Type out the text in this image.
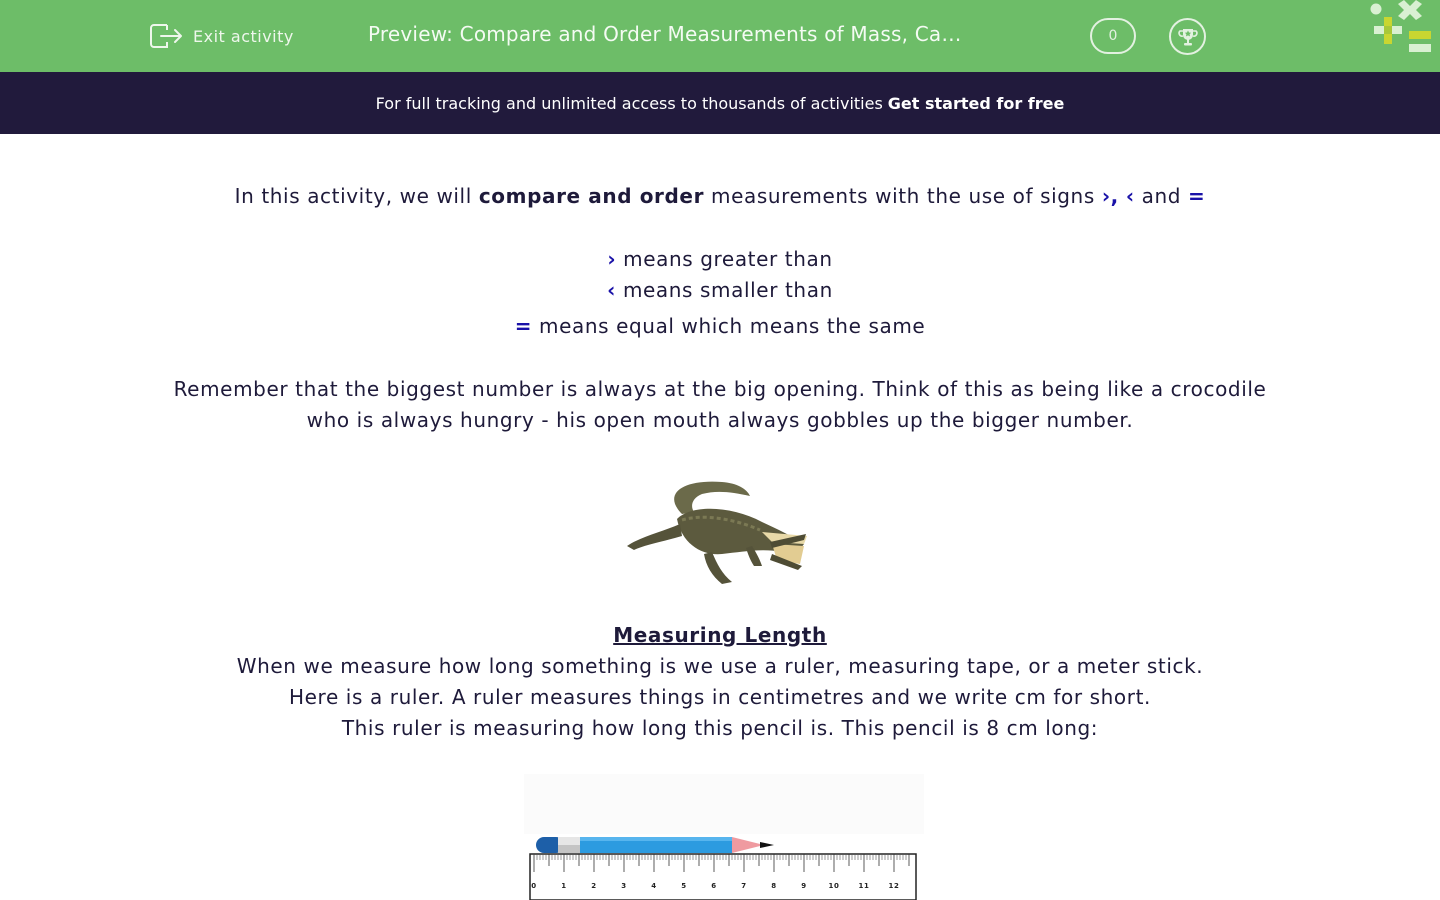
Exit activity	Preview: Compare and Order Measurements of Mass, Ca…	0
For full tracking and unlimited access to thousands of activities Get started for free
In this activity, we will compare and order measurements with the use of signs ›, ‹ and =
› means greater than
‹ means smaller than
= means equal which means the same
Remember that the biggest number is always at the big opening. Think of this as being like a crocodile
who is always hungry - his open mouth always gobbles up the bigger number.
Measuring Length
When we measure how long something is we use a ruler, measuring tape, or a meter stick.
Here is a ruler. A ruler measures things in centimetres and we write cm for short.
This ruler is measuring how long this pencil is. This pencil is 8 cm long:
0	1	2	3	4	5	6	7	8	9	10	11	12
